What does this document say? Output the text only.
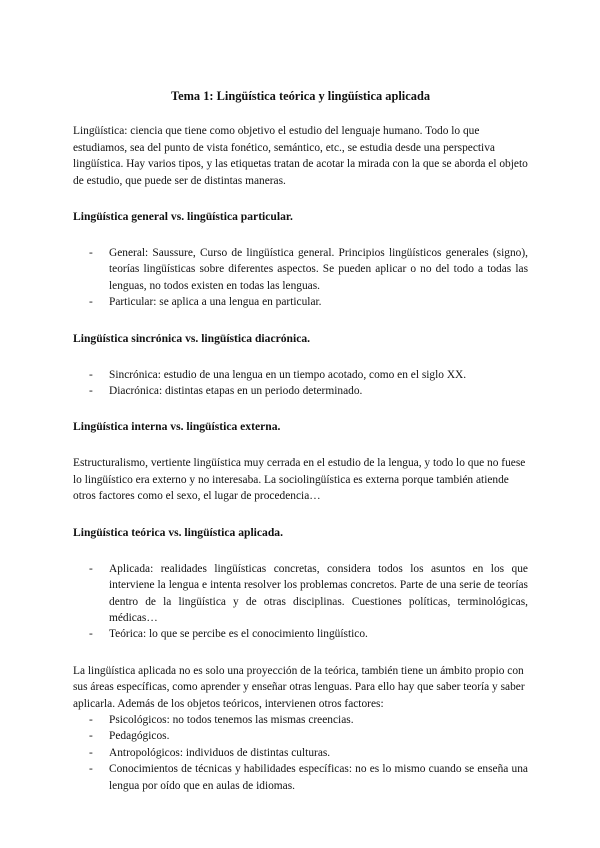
Tema 1: Lingüística teórica y lingüística aplicada

Lingüística: ciencia que tiene como objetivo el estudio del lenguaje humano. Todo lo que estudiamos, sea del punto de vista fonético, semántico, etc., se estudia desde una perspectiva lingüística. Hay varios tipos, y las etiquetas tratan de acotar la mirada con la que se aborda el objeto de estudio, que puede ser de distintas maneras.

Lingüística general vs. lingüística particular.
- General: Saussure, Curso de lingüística general. Principios lingüísticos generales (signo), teorías lingüísticas sobre diferentes aspectos. Se pueden aplicar o no del todo a todas las lenguas, no todos existen en todas las lenguas.
- Particular: se aplica a una lengua en particular.
Lingüística sincrónica vs. lingüística diacrónica.
- Sincrónica: estudio de una lengua en un tiempo acotado, como en el siglo XX.
- Diacrónica: distintas etapas en un periodo determinado.
Lingüística interna vs. lingüística externa.

Estructuralismo, vertiente lingüística muy cerrada en el estudio de la lengua, y todo lo que no fuese lo lingüístico era externo y no interesaba. La sociolingüística es externa porque también atiende otros factores como el sexo, el lugar de procedencia…

Lingüística teórica vs. lingüística aplicada.
- Aplicada: realidades lingüísticas concretas, considera todos los asuntos en los que interviene la lengua e intenta resolver los problemas concretos. Parte de una serie de teorías dentro de la lingüística y de otras disciplinas. Cuestiones políticas, terminológicas, médicas…
- Teórica: lo que se percibe es el conocimiento lingüístico.

La lingüística aplicada no es solo una proyección de la teórica, también tiene un ámbito propio con sus áreas específicas, como aprender y enseñar otras lenguas. Para ello hay que saber teoría y saber aplicarla. Además de los objetos teóricos, intervienen otros factores:

- Psicológicos: no todos tenemos las mismas creencias.
- Pedagógicos.
- Antropológicos: individuos de distintas culturas.
- Conocimientos de técnicas y habilidades específicas: no es lo mismo cuando se enseña una lengua por oído que en aulas de idiomas.
